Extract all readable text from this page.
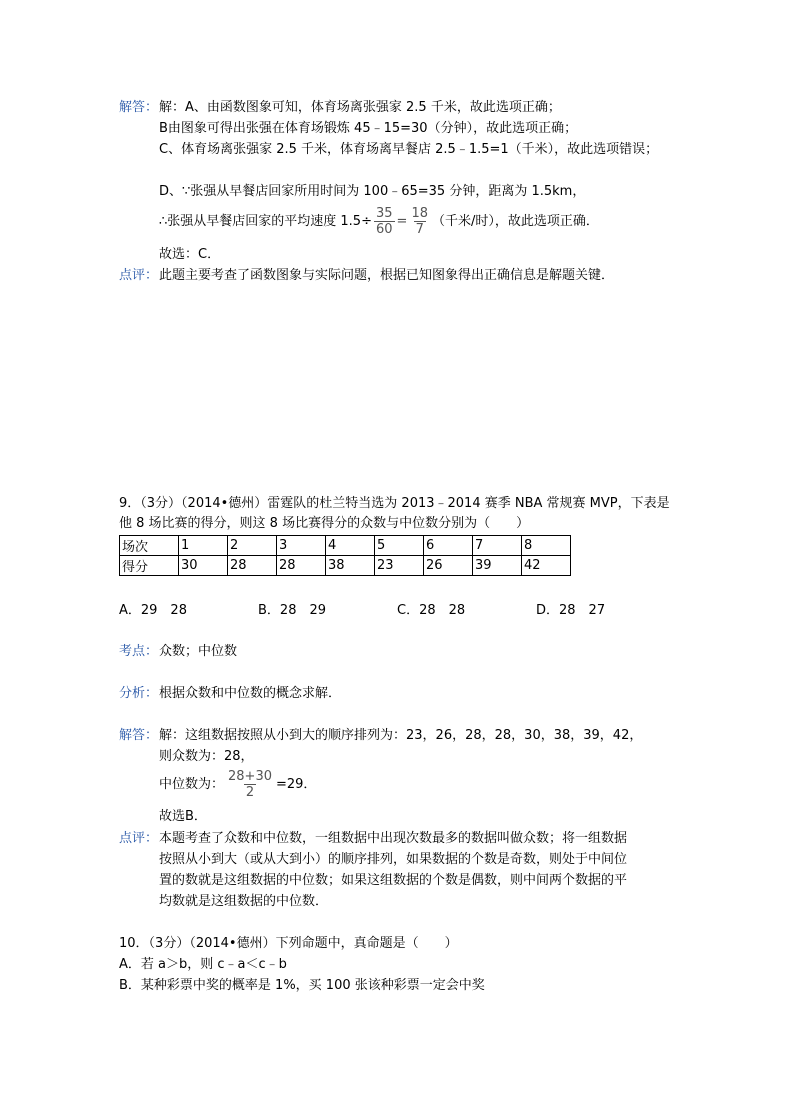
解答： 解：A、由函数图象可知，体育场离张强家 2.5 千米，故此选项正确；
B由图象可得出张强在体育场锻炼 45﹣15=30（分钟），故此选项正确；
C、体育场离张强家 2.5 千米，体育场离早餐店 2.5﹣1.5=1（千米），故此选项错误；
D、∵张强从早餐店回家所用时间为 100﹣65=35 分钟，距离为 1.5km，
∴张强从早餐店回家的平均速度 $1.5\div \frac{35}{60} = \frac{18}{7}$ （千米/时），故此选项正确．
故选：C．
点评： 此题主要考查了函数图象与实际问题，根据已知图象得出正确信息是解题关键．
9．（3分）（2014•德州）雷霆队的杜兰特当选为 2013﹣2014 赛季 NBA 常规赛 MVP，下表是
他 8 场比赛的得分，则这 8 场比赛得分的众数与中位数分别为（　　）
场次	1	2	3	4	5	6	7	8
得分	30	28	28	38	23	26	39	42
A．29　28	B．28　29	C．28　28	D．28　27
考点： 众数；中位数
分析： 根据众数和中位数的概念求解．
解答： 解：这组数据按照从小到大的顺序排列为：23，26，28，28，30，38，39，42，
则众数为：28，
中位数为： $\frac{28+30}{2} =29$．
故选B．
点评： 本题考查了众数和中位数，一组数据中出现次数最多的数据叫做众数；将一组数据
按照从小到大（或从大到小）的顺序排列，如果数据的个数是奇数，则处于中间位
置的数就是这组数据的中位数；如果这组数据的个数是偶数，则中间两个数据的平
均数就是这组数据的中位数．
10．（3分）（2014•德州）下列命题中，真命题是（　　）
A．若 a＞b，则 c﹣a＜c﹣b
B．某种彩票中奖的概率是 1%，买 100 张该种彩票一定会中奖
